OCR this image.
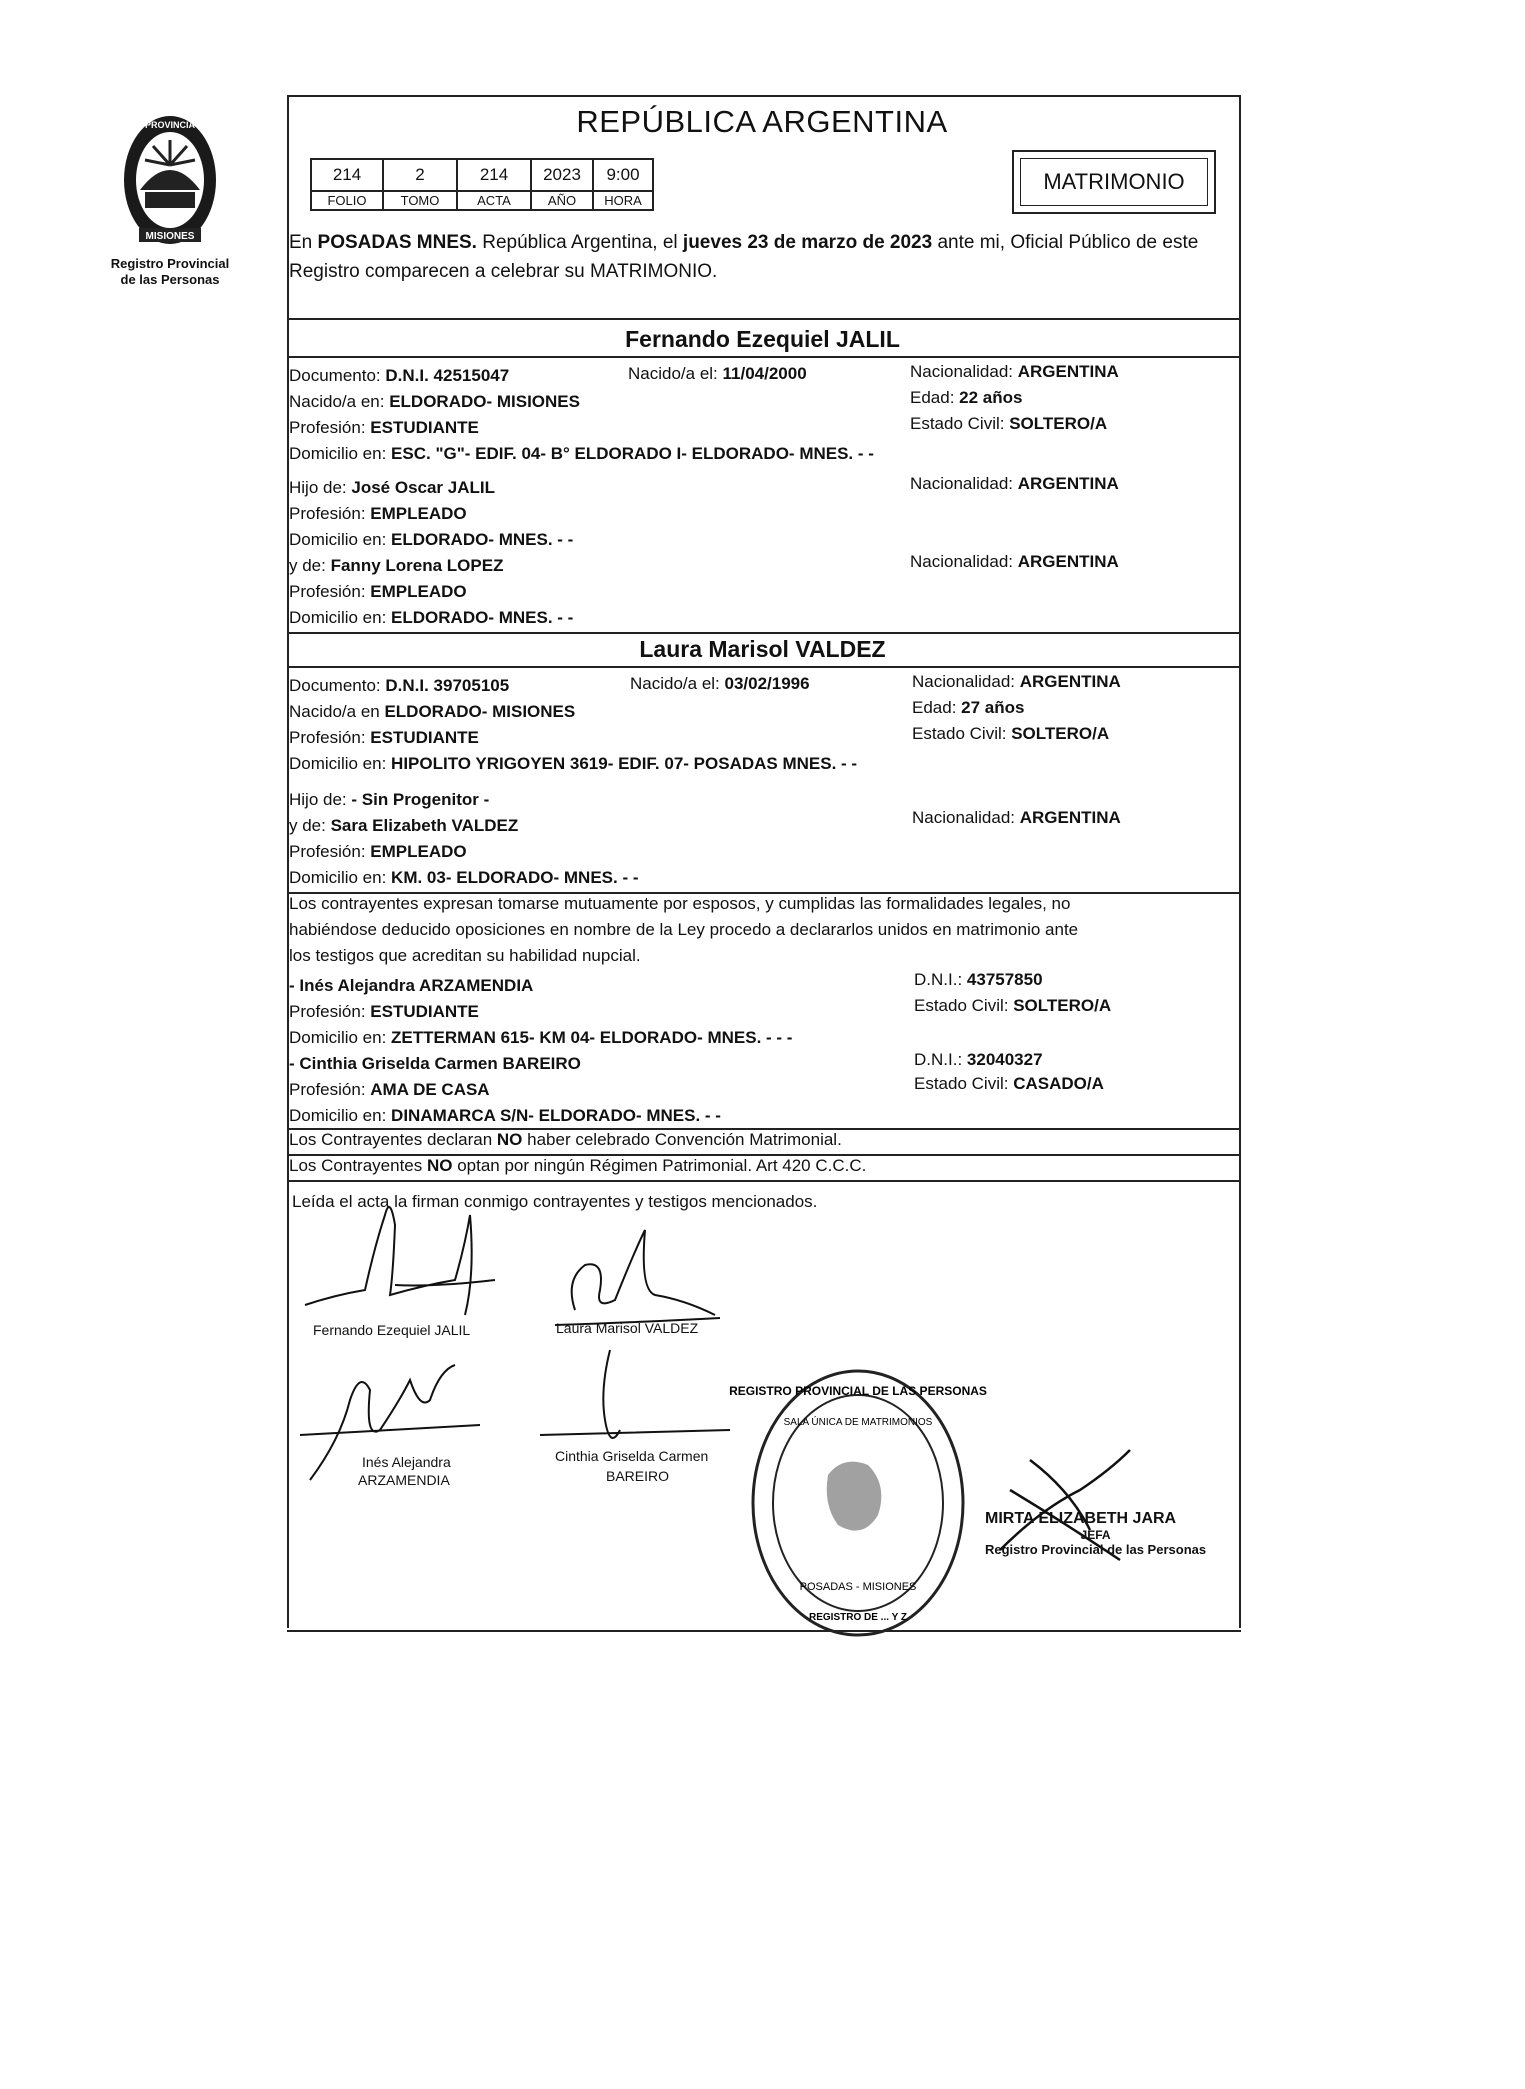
MISIONES
PROVINCIA
Registro Provincial
de las Personas
REPÚBLICA ARGENTINA
214	2	214	2023	9:00
FOLIO	TOMO	ACTA	AÑO	HORA
MATRIMONIO
En POSADAS MNES. República Argentina, el jueves 23 de marzo de 2023 ante mi, Oficial Público de este Registro comparecen a celebrar su MATRIMONIO.
Fernando Ezequiel JALIL
Documento: D.N.I. 42515047	Nacido/a el: 11/04/2000	Nacionalidad: ARGENTINA
Nacido/a en: ELDORADO- MISIONES	Edad: 22 años
Profesión: ESTUDIANTE	Estado Civil: SOLTERO/A
Domicilio en: ESC. "G"- EDIF. 04- B° ELDORADO I- ELDORADO- MNES. - -
Hijo de: José Oscar JALIL	Nacionalidad: ARGENTINA
Profesión: EMPLEADO
Domicilio en: ELDORADO- MNES. - -
y de: Fanny Lorena LOPEZ	Nacionalidad: ARGENTINA
Profesión: EMPLEADO
Domicilio en: ELDORADO- MNES. - -
Laura Marisol VALDEZ
Documento: D.N.I. 39705105	Nacido/a el: 03/02/1996	Nacionalidad: ARGENTINA
Nacido/a en ELDORADO- MISIONES	Edad: 27 años
Profesión: ESTUDIANTE	Estado Civil: SOLTERO/A
Domicilio en: HIPOLITO YRIGOYEN 3619- EDIF. 07- POSADAS MNES. - -
Hijo de: - Sin Progenitor -
y de: Sara Elizabeth VALDEZ	Nacionalidad: ARGENTINA
Profesión: EMPLEADO
Domicilio en: KM. 03- ELDORADO- MNES. - -
Los contrayentes expresan tomarse mutuamente por esposos, y cumplidas las formalidades legales, no
habiéndose deducido oposiciones en nombre de la Ley procedo a declararlos unidos en matrimonio ante
los testigos que acreditan su habilidad nupcial.
- Inés Alejandra ARZAMENDIA	D.N.I.: 43757850
Profesión: ESTUDIANTE	Estado Civil: SOLTERO/A
Domicilio en: ZETTERMAN 615- KM 04- ELDORADO- MNES. - - -
- Cinthia Griselda Carmen BAREIRO	D.N.I.: 32040327
Profesión: AMA DE CASA	Estado Civil: CASADO/A
Domicilio en: DINAMARCA S/N- ELDORADO- MNES. - -
Los Contrayentes declaran NO haber celebrado Convención Matrimonial.
Los Contrayentes NO optan por ningún Régimen Patrimonial. Art 420 C.C.C.
Leída el acta la firman conmigo contrayentes y testigos mencionados.
Fernando Ezequiel JALIL	Laura Marisol VALDEZ
Inés Alejandra
ARZAMENDIA
Cinthia Griselda Carmen
BAREIRO
REGISTRO PROVINCIAL DE LAS PERSONAS
SALA ÚNICA DE MATRIMONIOS
POSADAS - MISIONES
REGISTRO DE ... Y Z
MIRTA ELIZABETH JARA
JEFA
Registro Provincial de las Personas
